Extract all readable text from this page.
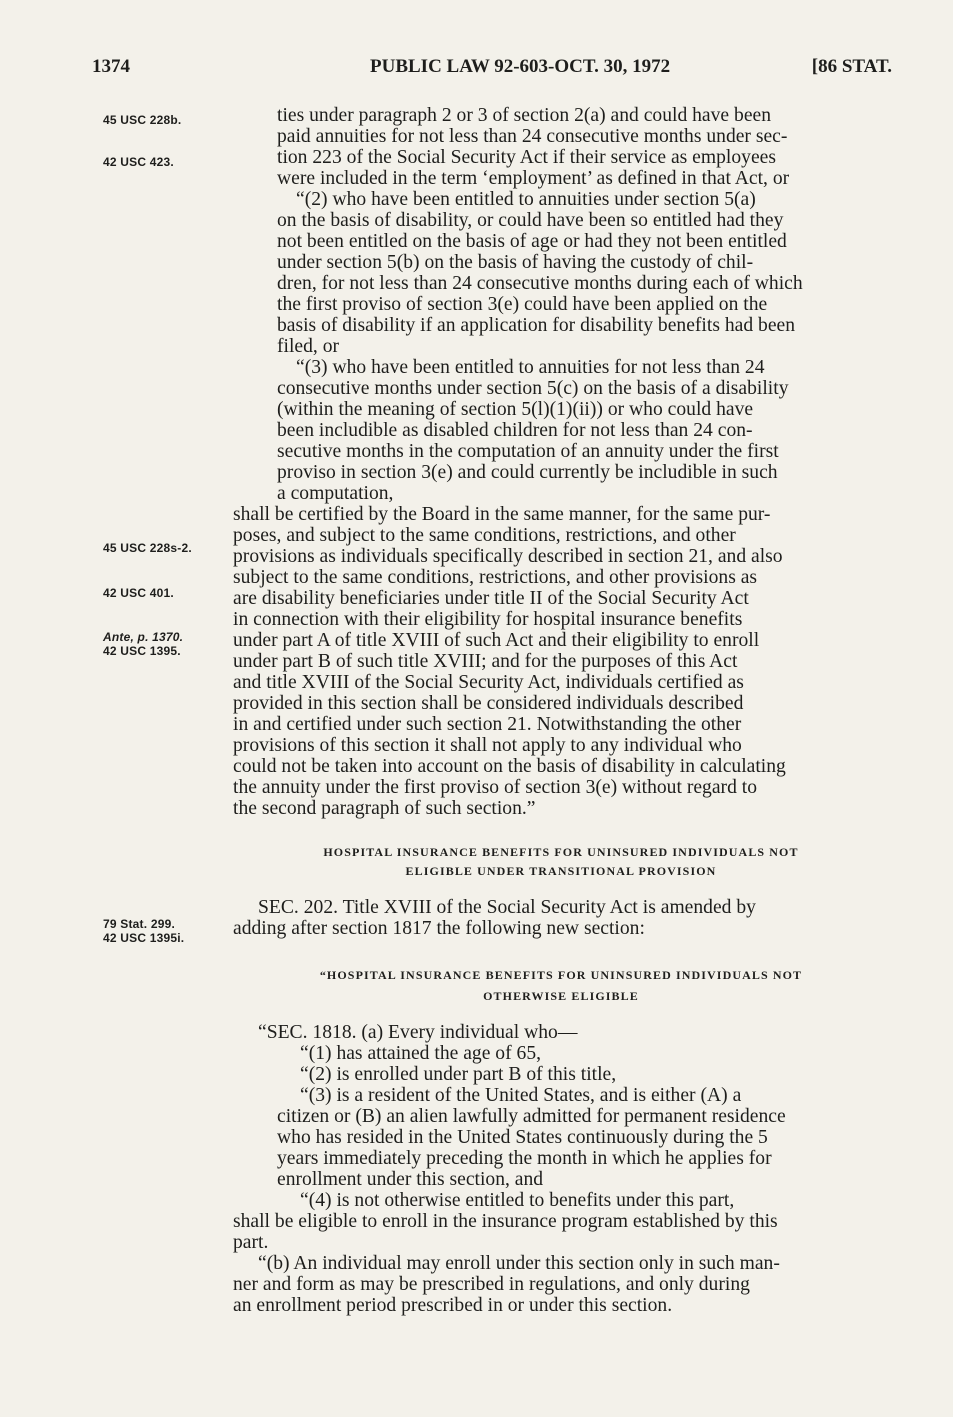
1374	PUBLIC LAW 92-603-OCT. 30, 1972	[86 STAT.
45 USC 228b.
42 USC 423.
45 USC 228s-2.
42 USC 401.
Ante, p. 1370.
42 USC 1395.
79 Stat. 299.
42 USC 1395i.
ties under paragraph 2 or 3 of section 2(a) and could have been
paid annuities for not less than 24 consecutive months under sec-
tion 223 of the Social Security Act if their service as employees
were included in the term ‘employment’ as defined in that Act, or
“(2) who have been entitled to annuities under section 5(a)
on the basis of disability, or could have been so entitled had they
not been entitled on the basis of age or had they not been entitled
under section 5(b) on the basis of having the custody of chil-
dren, for not less than 24 consecutive months during each of which
the first proviso of section 3(e) could have been applied on the
basis of disability if an application for disability benefits had been
filed, or
“(3) who have been entitled to annuities for not less than 24
consecutive months under section 5(c) on the basis of a disability
(within the meaning of section 5(l)(1)(ii)) or who could have
been includible as disabled children for not less than 24 con-
secutive months in the computation of an annuity under the first
proviso in section 3(e) and could currently be includible in such
a computation,
shall be certified by the Board in the same manner, for the same pur-
poses, and subject to the same conditions, restrictions, and other
provisions as individuals specifically described in section 21, and also
subject to the same conditions, restrictions, and other provisions as
are disability beneficiaries under title II of the Social Security Act
in connection with their eligibility for hospital insurance benefits
under part A of title XVIII of such Act and their eligibility to enroll
under part B of such title XVIII; and for the purposes of this Act
and title XVIII of the Social Security Act, individuals certified as
provided in this section shall be considered individuals described
in and certified under such section 21. Notwithstanding the other
provisions of this section it shall not apply to any individual who
could not be taken into account on the basis of disability in calculating
the annuity under the first proviso of section 3(e) without regard to
the second paragraph of such section.”
HOSPITAL INSURANCE BENEFITS FOR UNINSURED INDIVIDUALS NOT
ELIGIBLE UNDER TRANSITIONAL PROVISION
SEC. 202. Title XVIII of the Social Security Act is amended by
adding after section 1817 the following new section:
“HOSPITAL INSURANCE BENEFITS FOR UNINSURED INDIVIDUALS NOT
OTHERWISE ELIGIBLE
“SEC. 1818. (a) Every individual who—
“(1) has attained the age of 65,
“(2) is enrolled under part B of this title,
“(3) is a resident of the United States, and is either (A) a
citizen or (B) an alien lawfully admitted for permanent residence
who has resided in the United States continuously during the 5
years immediately preceding the month in which he applies for
enrollment under this section, and
“(4) is not otherwise entitled to benefits under this part,
shall be eligible to enroll in the insurance program established by this
part.
“(b) An individual may enroll under this section only in such man-
ner and form as may be prescribed in regulations, and only during
an enrollment period prescribed in or under this section.
